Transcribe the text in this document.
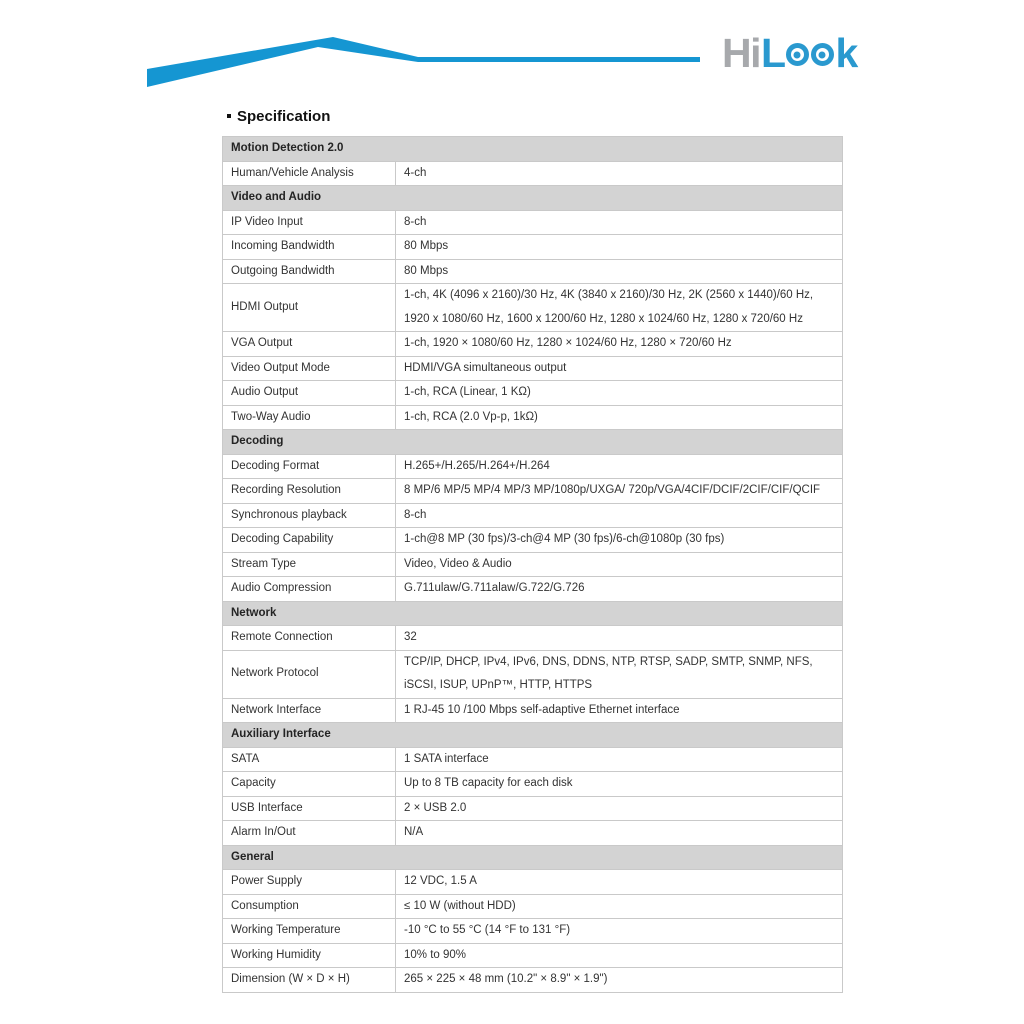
Hi L k
Specification
Motion Detection 2.0	
Human/Vehicle Analysis	4-ch
Video and Audio	
IP Video Input	8-ch
Incoming Bandwidth	80 Mbps
Outgoing Bandwidth	80 Mbps
HDMI Output	1-ch, 4K (4096 x 2160)/30 Hz, 4K (3840 x 2160)/30 Hz, 2K (2560 x 1440)/60 Hz, 1920 x 1080/60 Hz, 1600 x 1200/60 Hz, 1280 x 1024/60 Hz, 1280 x 720/60 Hz
VGA Output	1-ch, 1920 × 1080/60 Hz, 1280 × 1024/60 Hz, 1280 × 720/60 Hz
Video Output Mode	HDMI/VGA simultaneous output
Audio Output	1-ch, RCA (Linear, 1 KΩ)
Two-Way Audio	1-ch, RCA (2.0 Vp-p, 1kΩ)
Decoding	
Decoding Format	H.265+/H.265/H.264+/H.264
Recording Resolution	8 MP/6 MP/5 MP/4 MP/3 MP/1080p/UXGA/ 720p/VGA/4CIF/DCIF/2CIF/CIF/QCIF
Synchronous playback	8-ch
Decoding Capability	1-ch@8 MP (30 fps)/3-ch@4 MP (30 fps)/6-ch@1080p (30 fps)
Stream Type	Video, Video & Audio
Audio Compression	G.711ulaw/G.711alaw/G.722/G.726
Network	
Remote Connection	32
Network Protocol	TCP/IP, DHCP, IPv4, IPv6, DNS, DDNS, NTP, RTSP, SADP, SMTP, SNMP, NFS, iSCSI, ISUP, UPnP™, HTTP, HTTPS
Network Interface	1 RJ-45 10 /100 Mbps self-adaptive Ethernet interface
Auxiliary Interface	
SATA	1 SATA interface
Capacity	Up to 8 TB capacity for each disk
USB Interface	2 × USB 2.0
Alarm In/Out	N/A
General	
Power Supply	12 VDC, 1.5 A
Consumption	≤ 10 W (without HDD)
Working Temperature	-10 °C to 55 °C (14 °F to 131 °F)
Working Humidity	10% to 90%
Dimension (W × D × H)	265 × 225 × 48 mm (10.2" × 8.9" × 1.9")
